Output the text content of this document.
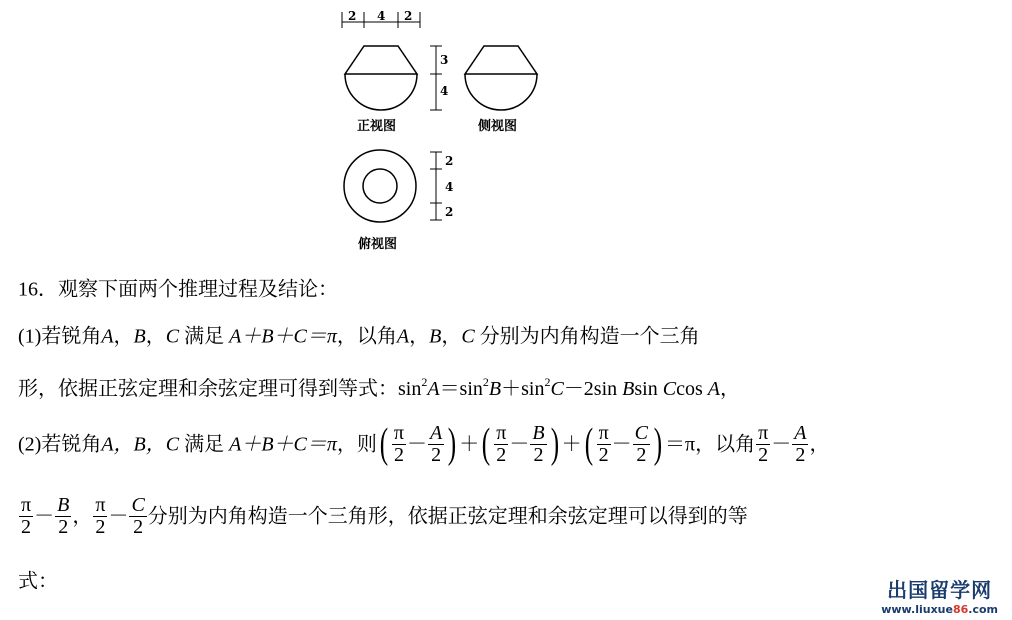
2 4 2
3
4
正视图	侧视图
2
4
2
俯视图
16．观察下面两个推理过程及结论：
(1)若锐角A，B，C 满足 A＋B＋C＝π，以角A，B，C 分别为内角构造一个三角
形，依据正弦定理和余弦定理可得到等式：$\sin^2A=\sin^2B+\sin^2C-2\sin$ Bsin Ccos A，
(2)若锐角A，B，C 满足 A＋B＋C＝π，则( $\frac{\pi}{2} - \frac{A}{2}$ ) ＋( $\frac{\pi}{2} - \frac{B}{2}$ ) ＋( $\frac{\pi}{2} - \frac{C}{2}$ ) ＝π，以角 $\frac{\pi}{2} - \frac{A}{2}$ ，
$\frac{\pi}{2} - \frac{B}{2}$ ， $\frac{\pi}{2} - \frac{C}{2}$ 分别为内角构造一个三角形，依据正弦定理和余弦定理可以得到的等
式：	出国留学网
www.liuxue86.com
